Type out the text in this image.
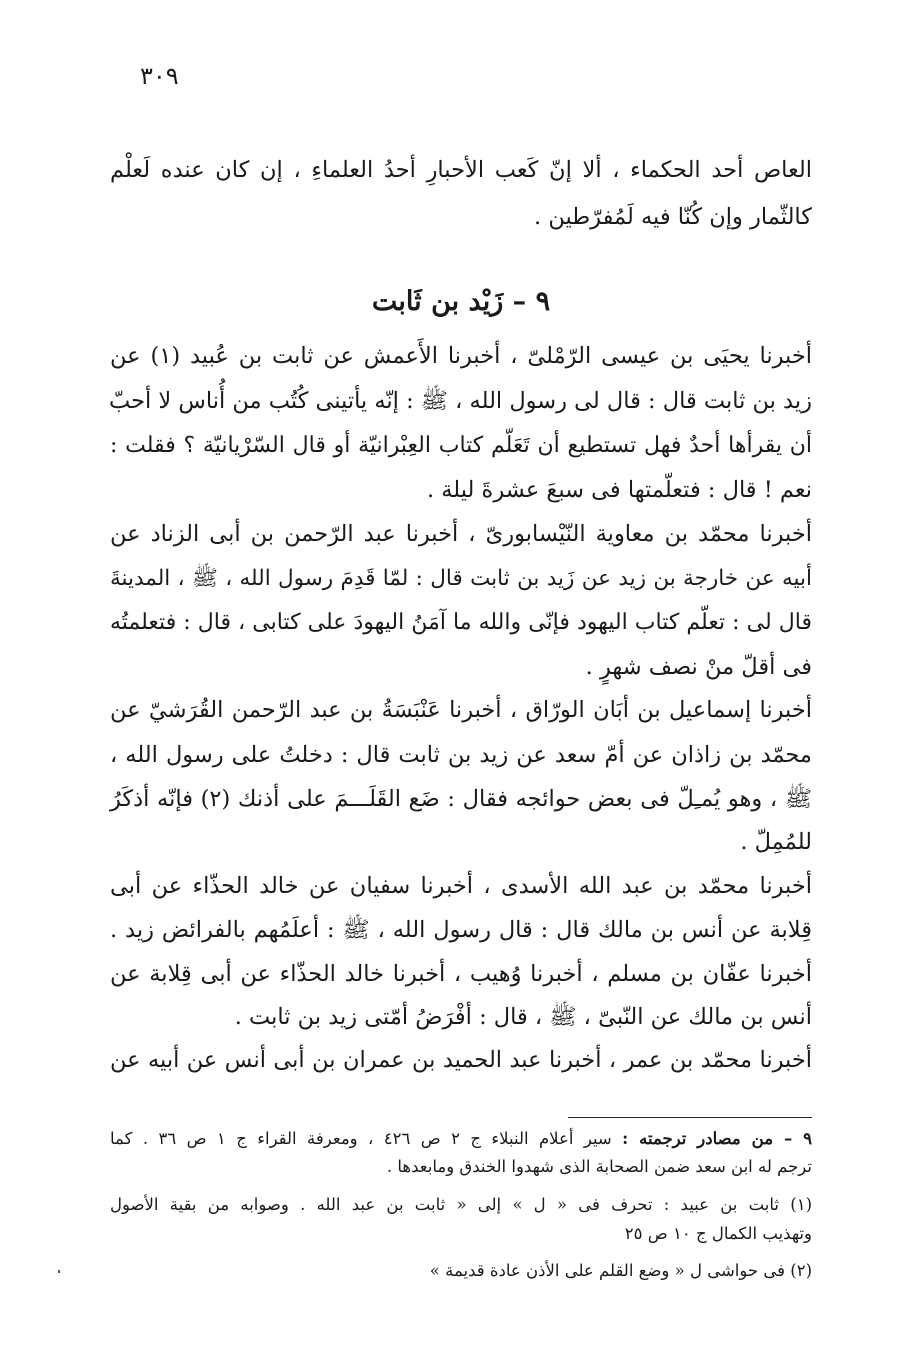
٣٠٩
العاص أحد الحكماء ، ألا إنّ كَعب الأحبارِ أحدُ العلماءِ ، إن كان عنده لَعلْم
كالثّمار وإن كُنّا فيه لَمُفرّطين .
٩ – زَيْد بن ثَابت
أخبرنا يحيَى بن عيسى الرّمْلىّ ، أخبرنا الأَعمش عن ثابت بن عُبيد (١) عن
زيد بن ثابت قال : قال لى رسول الله ، ﷺ : إنّه يأتينى كُتُب من أُناس لا أحبّ
أن يقرأها أحدٌ فهل تستطيع أن تَعَلّم كتاب العِبْرانيّة أو قال السّرْيانيّة ؟ فقلت :
نعم ! قال : فتعلّمتها فى سبعَ عشرةَ ليلة .
أخبرنا محمّد بن معاوية النّيْسابورىّ ، أخبرنا عبد الرّحمن بن أبى الزناد عن
أبيه عن خارجة بن زيد عن زَيد بن ثابت قال : لمّا قَدِمَ رسول الله ، ﷺ ، المدينةَ
قال لى : تعلّم كتاب اليهود فإنّى والله ما آمَنُ اليهودَ على كتابى ، قال : فتعلمتُه
فى أقلّ منْ نصف شهرٍ .
أخبرنا إسماعيل بن أبَان الورّاق ، أخبرنا عَنْبَسَةُ بن عبد الرّحمن القُرَشيّ عن
محمّد بن زاذان عن أمّ سعد عن زيد بن ثابت قال : دخلتُ على رسول الله ،
ﷺ ، وهو يُمـِلّ فى بعض حوائجه فقال : ضَع القَلَـــمَ على أذنك (٢) فإنّه أذكَرُ
للمُمِلّ .
أخبرنا محمّد بن عبد الله الأسدى ، أخبرنا سفيان عن خالد الحذّاء عن أبى
قِلابة عن أنس بن مالك قال : قال رسول الله ، ﷺ : أعلَمُهم بالفرائض زيد .
أخبرنا عفّان بن مسلم ، أخبرنا وُهيب ، أخبرنا خالد الحذّاء عن أبى قِلابة عن
أنس بن مالك عن النّبىّ ، ﷺ ، قال : أفْرَضُ أمّتى زيد بن ثابت .
أخبرنا محمّد بن عمر ، أخبرنا عبد الحميد بن عمران بن أبى أنس عن أبيه عن
٩ – من مصادر ترجمته : سير أعلام النبلاء ج ٢ ص ٤٢٦ ، ومعرفة القراء ج ١ ص ٣٦ . كما
ترجم له ابن سعد ضمن الصحابة الذى شهدوا الخندق ومابعدها .
(١) ثابت بن عبيد : تحرف فى « ل » إلى « ثابت بن عبد الله . وصوابه من بقية الأصول
وتهذيب الكمال ج ١٠ ص ٢٥
(٢) فى حواشى ل « وضع القلم على الأذن عادة قديمة »
